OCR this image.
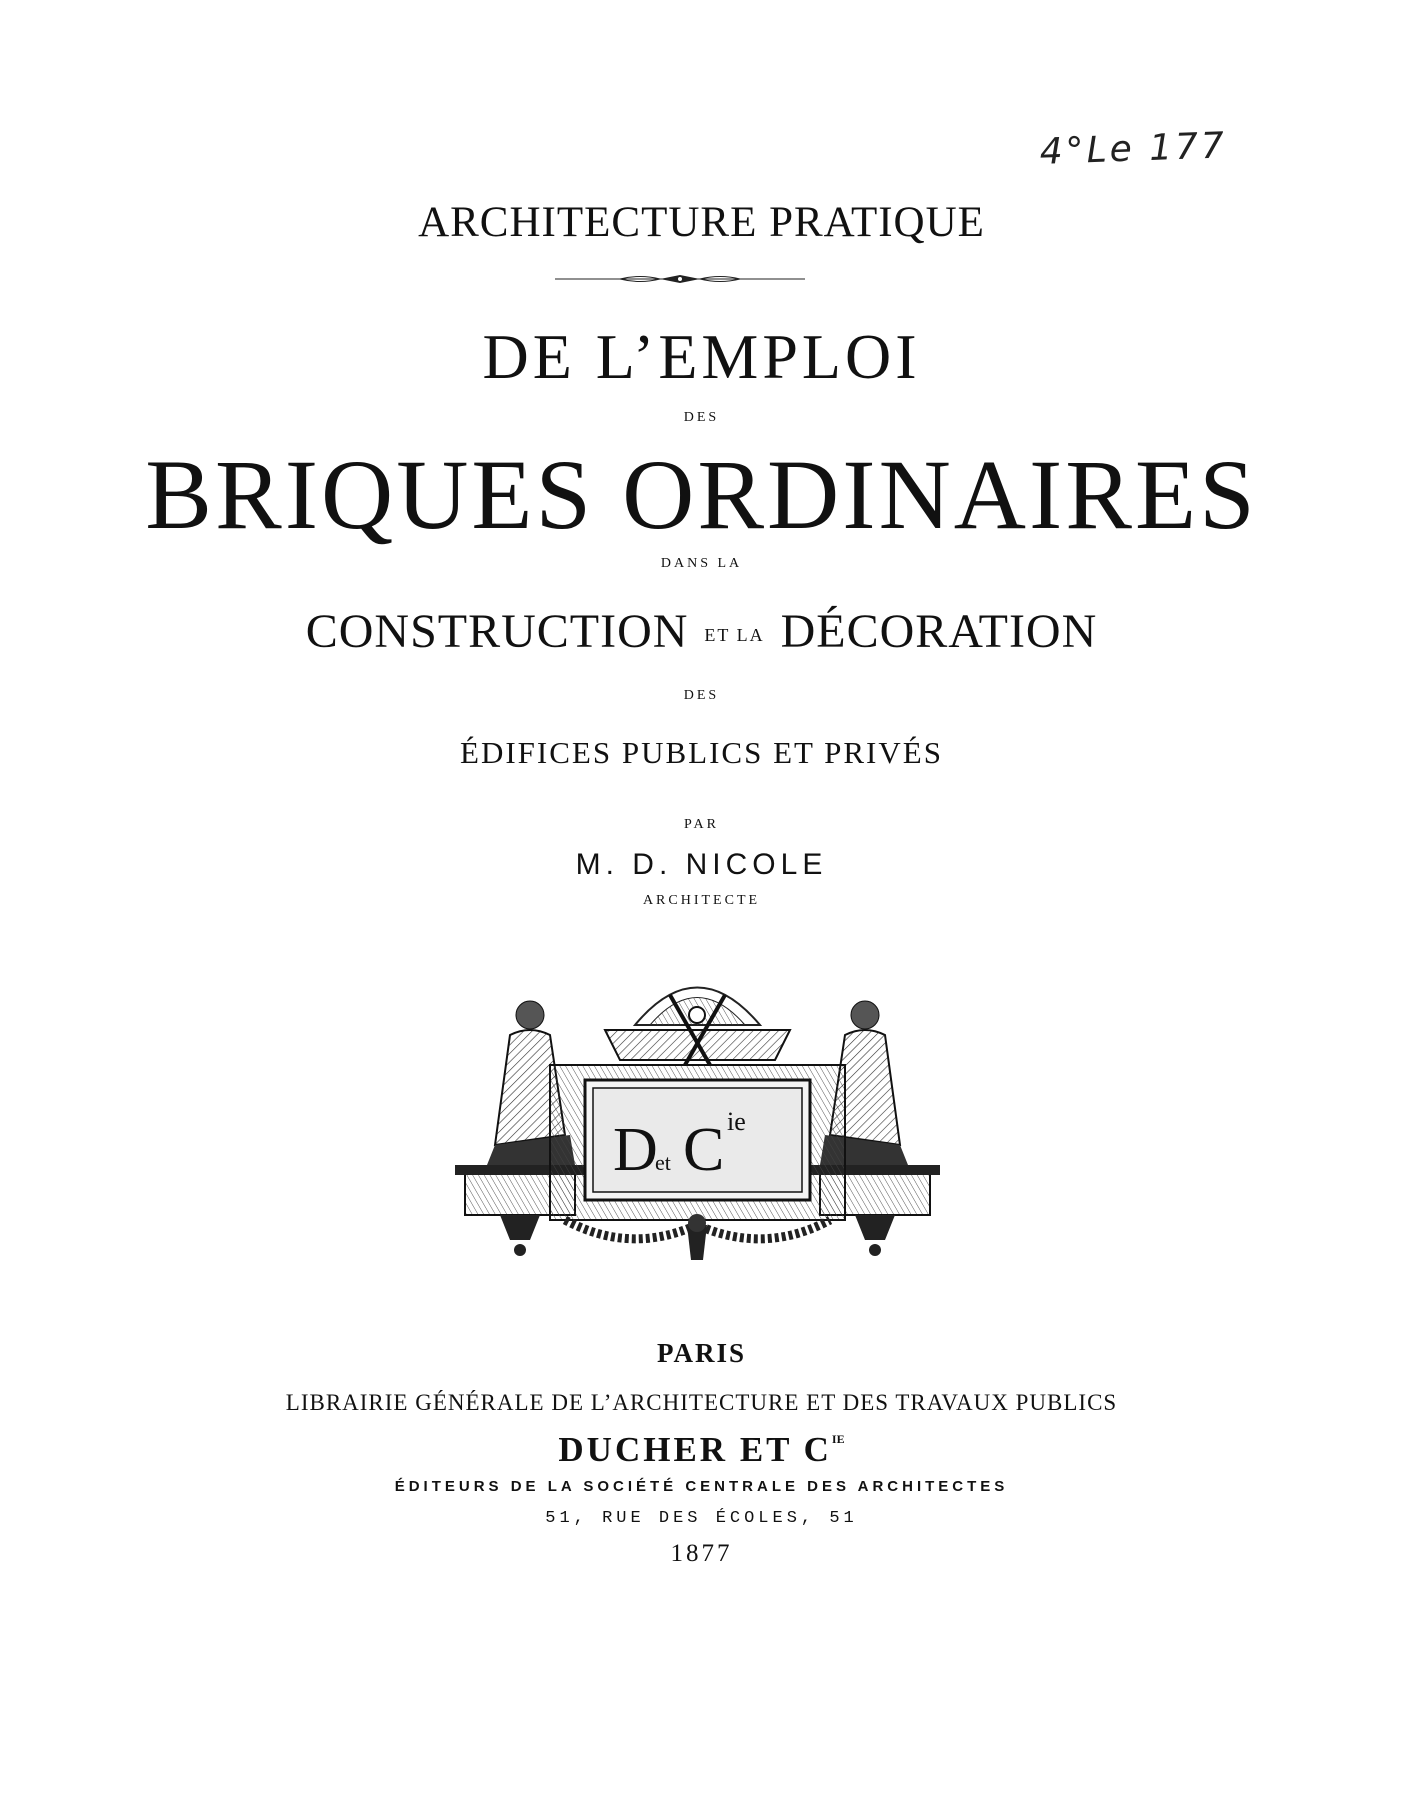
4°Le 177
ARCHITECTURE PRATIQUE
DE L’EMPLOI
DES
BRIQUES ORDINAIRES
DANS LA
CONSTRUCTION ET LA DÉCORATION
DES
ÉDIFICES PUBLICS ET PRIVÉS
PAR
M. D. NICOLE
ARCHITECTE
D
et C ie
PARIS
LIBRAIRIE GÉNÉRALE DE L’ARCHITECTURE ET DES TRAVAUX PUBLICS
DUCHER ET $C^{IE}$
ÉDITEURS DE LA SOCIÉTÉ CENTRALE DES ARCHITECTES
51, RUE DES ÉCOLES, 51
1877
